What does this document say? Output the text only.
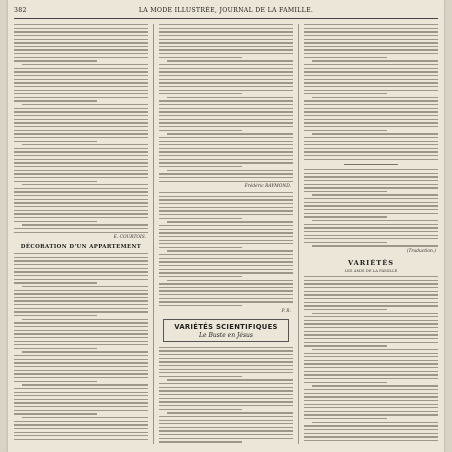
382	LA MODE ILLUSTRÉE, JOURNAL DE LA FAMILLE.
E. COURTOIS.
DÉCORATION D'UN APPARTEMENT
Frédéric RAYMOND.
P. R.
VARIÉTÉS SCIENTIFIQUES
Le Buste en Jésus
(Traduction.)
VARIÉTÉS
LES AMIS DE LA FAMILLE
